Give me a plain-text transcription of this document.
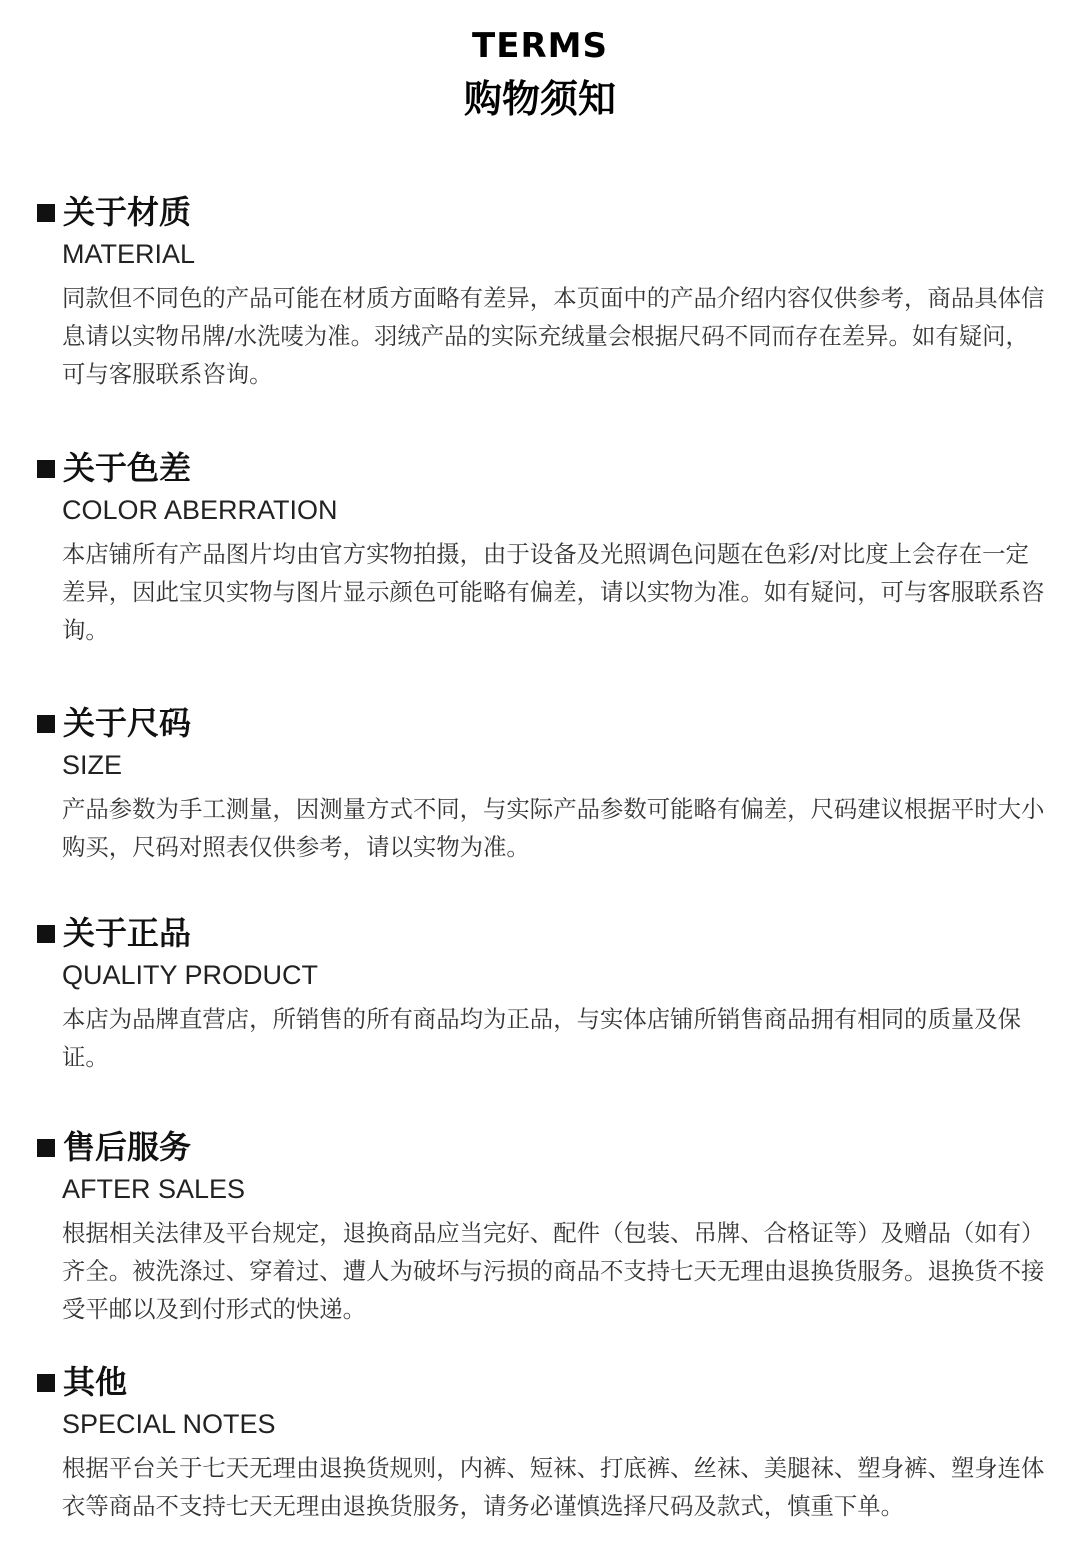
TERMS
购物须知
关于材质
MATERIAL
同款但不同色的产品可能在材质方面略有差异，本页面中的产品介绍内容仅供参考，商品具体信息请以实物吊牌/水洗唛为准。羽绒产品的实际充绒量会根据尺码不同而存在差异。如有疑问，可与客服联系咨询。
关于色差
COLOR ABERRATION
本店铺所有产品图片均由官方实物拍摄，由于设备及光照调色问题在色彩/对比度上会存在一定差异，因此宝贝实物与图片显示颜色可能略有偏差，请以实物为准。如有疑问，可与客服联系咨询。
关于尺码
SIZE
产品参数为手工测量，因测量方式不同，与实际产品参数可能略有偏差，尺码建议根据平时大小购买，尺码对照表仅供参考，请以实物为准。
关于正品
QUALITY PRODUCT
本店为品牌直营店，所销售的所有商品均为正品，与实体店铺所销售商品拥有相同的质量及保证。
售后服务
AFTER SALES
根据相关法律及平台规定，退换商品应当完好、配件（包装、吊牌、合格证等）及赠品（如有）齐全。被洗涤过、穿着过、遭人为破坏与污损的商品不支持七天无理由退换货服务。退换货不接受平邮以及到付形式的快递。
其他
SPECIAL NOTES
根据平台关于七天无理由退换货规则，内裤、短袜、打底裤、丝袜、美腿袜、塑身裤、塑身连体衣等商品不支持七天无理由退换货服务，请务必谨慎选择尺码及款式，慎重下单。
